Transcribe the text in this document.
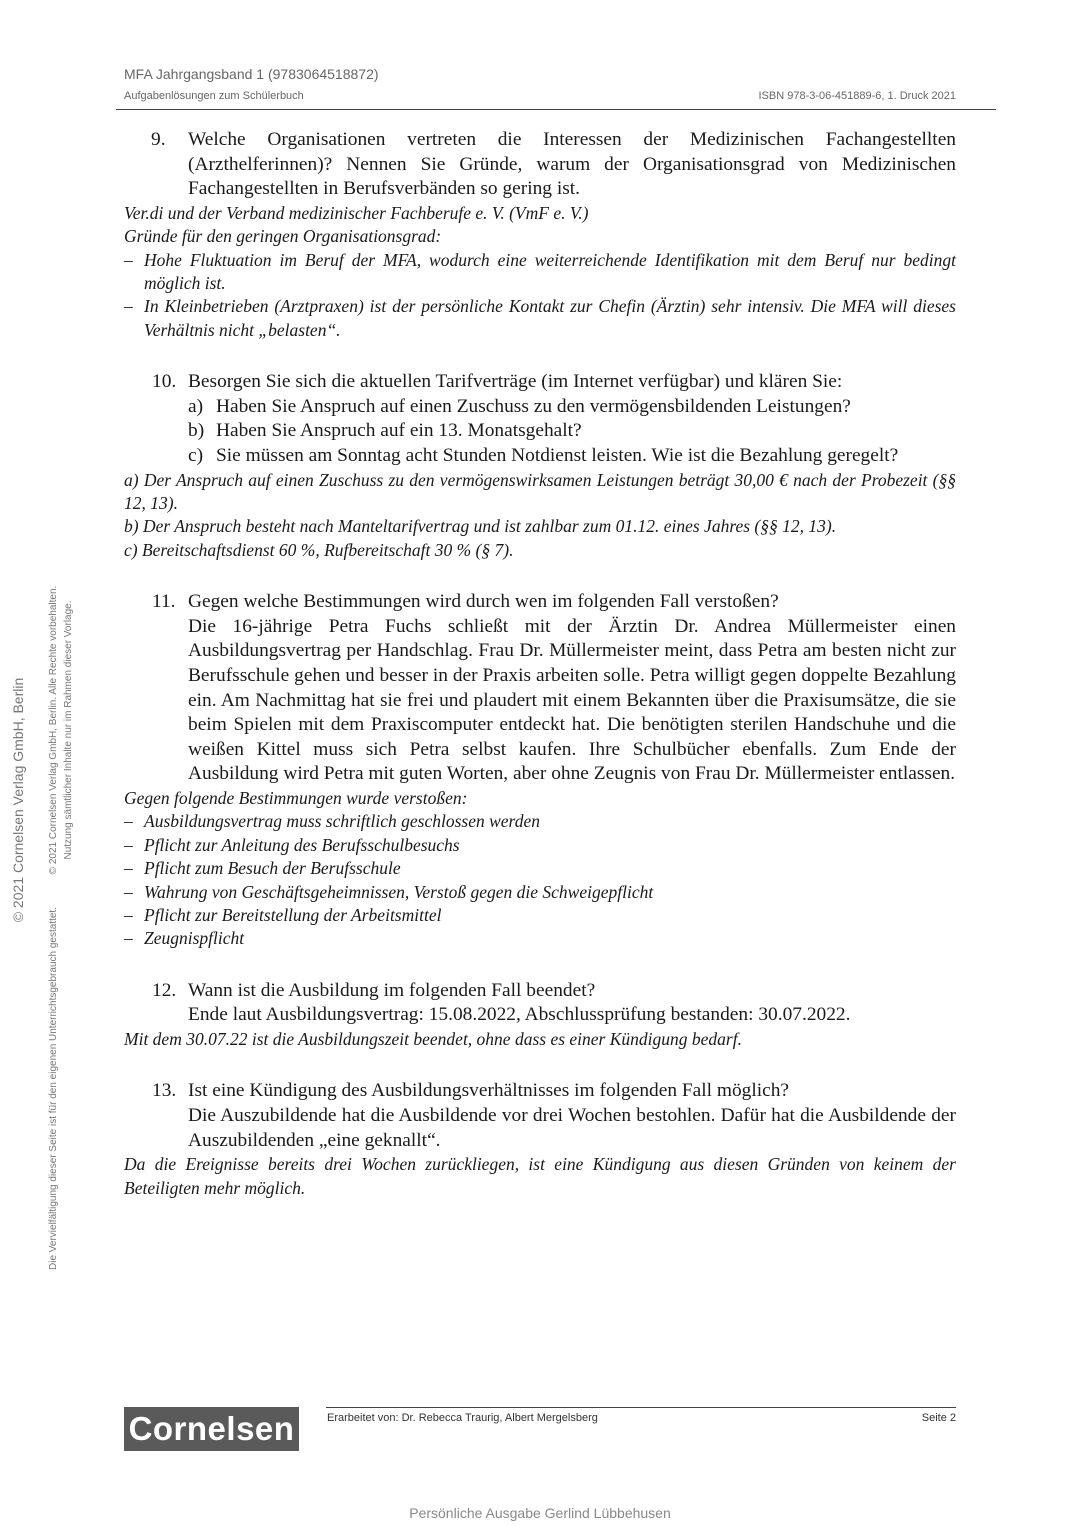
MFA Jahrgangsband 1 (9783064518872)
Aufgabenlösungen zum Schülerbuch	ISBN 978-3-06-451889-6, 1. Druck 2021
© 2021 Cornelsen Verlag GmbH, Berlin
Die Vervielfältigung dieser Seite ist für den eigenen Unterrichtsgebrauch gestattet.
© 2021 Cornelsen Verlag GmbH, Berlin. Alle Rechte vorbehalten. Nutzung sämtlicher Inhalte nur im Rahmen dieser Vorlage.
9. Welche Organisationen vertreten die Interessen der Medizinischen Fachangestellten (Arzthelferinnen)? Nennen Sie Gründe, warum der Organisationsgrad von Medizinischen Fachangestellten in Berufsverbänden so gering ist.

Ver.di und der Verband medizinischer Fachberufe e. V. (VmF e. V.)

Gründe für den geringen Organisationsgrad:

– Hohe Fluktuation im Beruf der MFA, wodurch eine weiterreichende Identifikation mit dem Beruf nur bedingt möglich ist.

– In Kleinbetrieben (Arztpraxen) ist der persönliche Kontakt zur Chefin (Ärztin) sehr intensiv. Die MFA will dieses Verhältnis nicht „belasten“.

10. Besorgen Sie sich die aktuellen Tarifverträge (im Internet verfügbar) und klären Sie:

a) Haben Sie Anspruch auf einen Zuschuss zu den vermögensbildenden Leistungen?
b) Haben Sie Anspruch auf ein 13. Monatsgehalt?
c) Sie müssen am Sonntag acht Stunden Notdienst leisten. Wie ist die Bezahlung geregelt?

a) Der Anspruch auf einen Zuschuss zu den vermögenswirksamen Leistungen beträgt 30,00 € nach der Probezeit (§§ 12, 13).

b) Der Anspruch besteht nach Manteltarifvertrag und ist zahlbar zum 01.12. eines Jahres (§§ 12, 13).

c) Bereitschaftsdienst 60 %, Rufbereitschaft 30 % (§ 7).

11. Gegen welche Bestimmungen wird durch wen im folgenden Fall verstoßen?

Die 16-jährige Petra Fuchs schließt mit der Ärztin Dr. Andrea Müllermeister einen Ausbildungsvertrag per Handschlag. Frau Dr. Müllermeister meint, dass Petra am besten nicht zur Berufsschule gehen und besser in der Praxis arbeiten solle. Petra willigt gegen doppelte Bezahlung ein. Am Nachmittag hat sie frei und plaudert mit einem Bekannten über die Praxisumsätze, die sie beim Spielen mit dem Praxiscomputer entdeckt hat. Die benötigten sterilen Handschuhe und die weißen Kittel muss sich Petra selbst kaufen. Ihre Schulbücher ebenfalls. Zum Ende der Ausbildung wird Petra mit guten Worten, aber ohne Zeugnis von Frau Dr. Müllermeister entlassen.

Gegen folgende Bestimmungen wurde verstoßen:

– Ausbildungsvertrag muss schriftlich geschlossen werden

– Pflicht zur Anleitung des Berufsschulbesuchs

– Pflicht zum Besuch der Berufsschule

– Wahrung von Geschäftsgeheimnissen, Verstoß gegen die Schweigepflicht

– Pflicht zur Bereitstellung der Arbeitsmittel

– Zeugnispflicht

12. Wann ist die Ausbildung im folgenden Fall beendet?

Ende laut Ausbildungsvertrag: 15.08.2022, Abschlussprüfung bestanden: 30.07.2022.

Mit dem 30.07.22 ist die Ausbildungszeit beendet, ohne dass es einer Kündigung bedarf.

13. Ist eine Kündigung des Ausbildungsverhältnisses im folgenden Fall möglich?

Die Auszubildende hat die Ausbildende vor drei Wochen bestohlen. Dafür hat die Ausbildende der Auszubildenden „eine geknallt“.

Da die Ereignisse bereits drei Wochen zurückliegen, ist eine Kündigung aus diesen Gründen von keinem der Beteiligten mehr möglich.

Cornelsen	Erarbeitet von: Dr. Rebecca Traurig, Albert Mergelsberg	Seite 2
Persönliche Ausgabe Gerlind Lübbehusen
